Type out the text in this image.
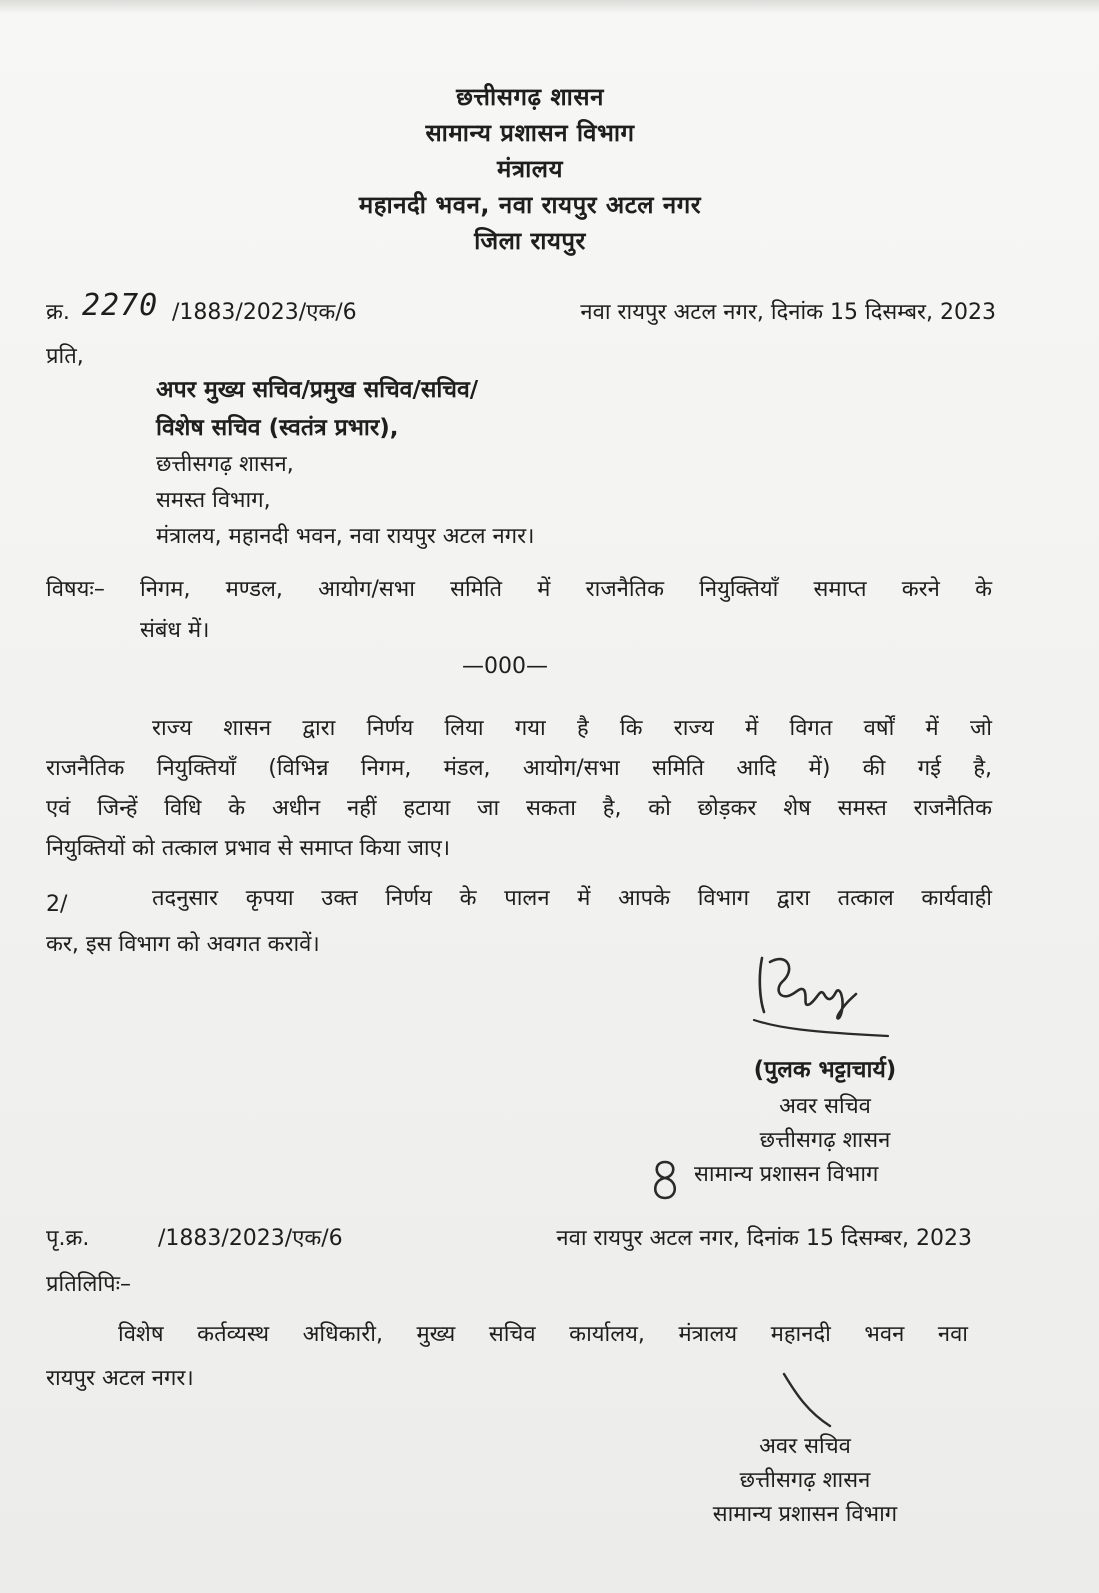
छत्तीसगढ़ शासन
सामान्य प्रशासन विभाग
मंत्रालय
महानदी भवन, नवा रायपुर अटल नगर
जिला रायपुर
क्र. 2270 /1883/2023/एक/6	नवा रायपुर अटल नगर, दिनांक 15 दिसम्बर, 2023
प्रति,
अपर मुख्य सचिव/प्रमुख सचिव/सचिव/
विशेष सचिव (स्वतंत्र प्रभार),
छत्तीसगढ़ शासन,
समस्त विभाग,
मंत्रालय, महानदी भवन, नवा रायपुर अटल नगर।
विषयः– निगम, मण्डल, आयोग/सभा समिति में राजनैतिक नियुक्तियाँ समाप्त करने के
संबंध में।
—000—
राज्य शासन द्वारा निर्णय लिया गया है कि राज्य में विगत वर्षों में जो
राजनैतिक नियुक्तियाँ (विभिन्न निगम, मंडल, आयोग/सभा समिति आदि में) की गई है,
एवं जिन्हें विधि के अधीन नहीं हटाया जा सकता है, को छोड़कर शेष समस्त राजनैतिक
नियुक्तियों को तत्काल प्रभाव से समाप्त किया जाए।
2/	तदनुसार कृपया उक्त निर्णय के पालन में आपके विभाग द्वारा तत्काल कार्यवाही
कर, इस विभाग को अवगत करावें।
(पुलक भट्टाचार्य)
अवर सचिव
छत्तीसगढ़ शासन
सामान्य प्रशासन विभाग
पृ.क्र.	/1883/2023/एक/6	नवा रायपुर अटल नगर, दिनांक 15 दिसम्बर, 2023
प्रतिलिपिः–
विशेष कर्तव्यस्थ अधिकारी, मुख्य सचिव कार्यालय, मंत्रालय महानदी भवन नवा
रायपुर अटल नगर।
अवर सचिव
छत्तीसगढ़ शासन
सामान्य प्रशासन विभाग
